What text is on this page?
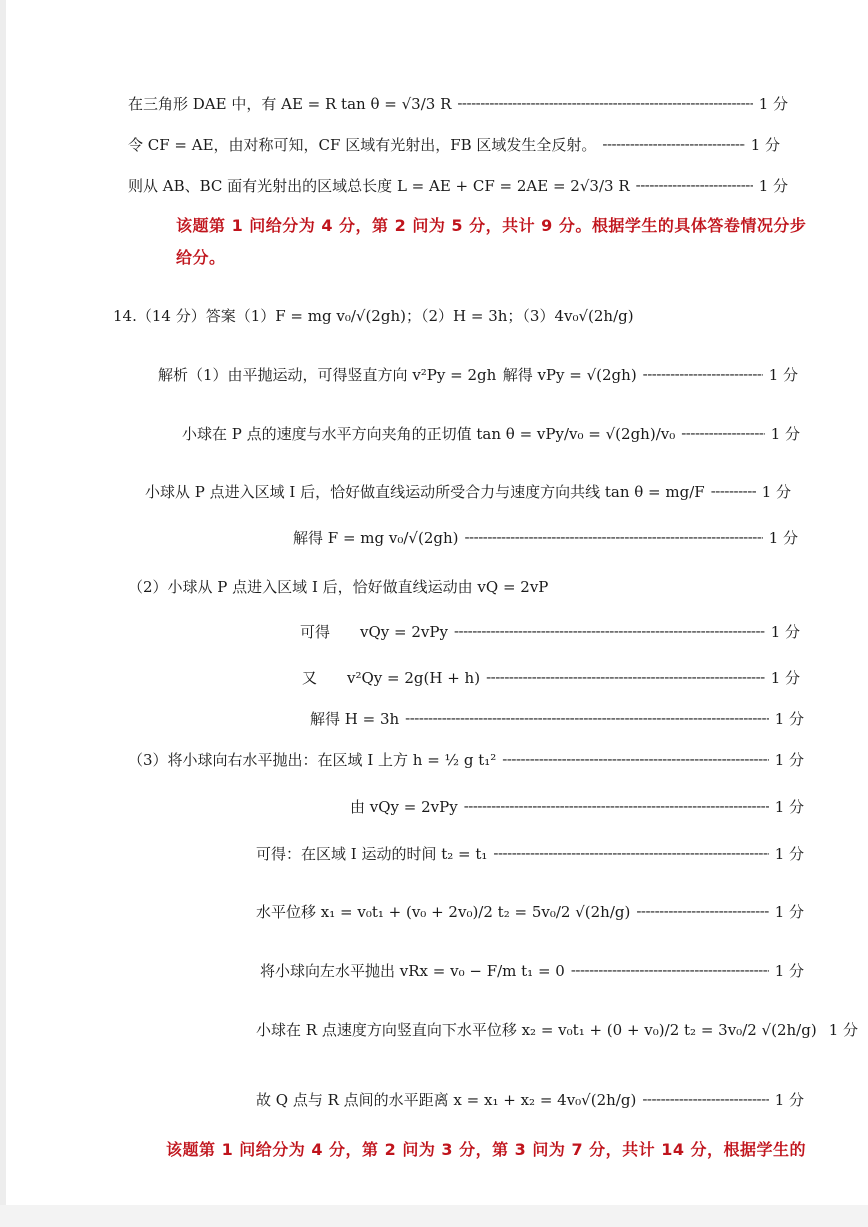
在三角形 DAE 中，有 AE = R tan θ = √3/3 R -----	1 分
令 CF = AE，由对称可知，CF 区域有光射出，FB 区域发生全反射。 -----	1 分
则从 AB、BC 面有光射出的区域总长度 L = AE + CF = 2AE = 2√3/3 R -----	1 分
该题第 1 问给分为 4 分，第 2 问为 5 分，共计 9 分。根据学生的具体答卷情况分步给分。
14.（14 分）答案（1）F = mg v₀/√(2gh)；（2）H = 3h；（3）4v₀√(2h/g)
解析（1）由平抛运动，可得竖直方向 v²Py = 2gh 解得 vPy = √(2gh) -----	1 分
小球在 P 点的速度与水平方向夹角的正切值 tan θ = vPy/v₀ = √(2gh)/v₀ -----	1 分
小球从 P 点进入区域 Ⅰ 后，恰好做直线运动所受合力与速度方向共线 tan θ = mg/F -----	1 分
解得 F = mg v₀/√(2gh) -----	1 分
（2）小球从 P 点进入区域 Ⅰ 后，恰好做直线运动由 vQ = 2vP
可得　　vQy = 2vPy -----	1 分
又　　v²Qy = 2g(H + h) -----	1 分
解得 H = 3h -----	1 分
（3）将小球向右水平抛出：在区域 Ⅰ 上方 h = ½ g t₁² -----	1 分
由 vQy = 2vPy -----	1 分
可得：在区域 Ⅰ 运动的时间 t₂ = t₁ -----	1 分
水平位移 x₁ = v₀t₁ + (v₀ + 2v₀)/2 t₂ = 5v₀/2 √(2h/g) -----	1 分
将小球向左水平抛出 vRx = v₀ − F/m t₁ = 0 -----	1 分
小球在 R 点速度方向竖直向下水平位移 x₂ = v₀t₁ + (0 + v₀)/2 t₂ = 3v₀/2 √(2h/g) 1 分
故 Q 点与 R 点间的水平距离 x = x₁ + x₂ = 4v₀√(2h/g) -----	1 分
该题第 1 问给分为 4 分，第 2 问为 3 分，第 3 问为 7 分，共计 14 分，根据学生的
